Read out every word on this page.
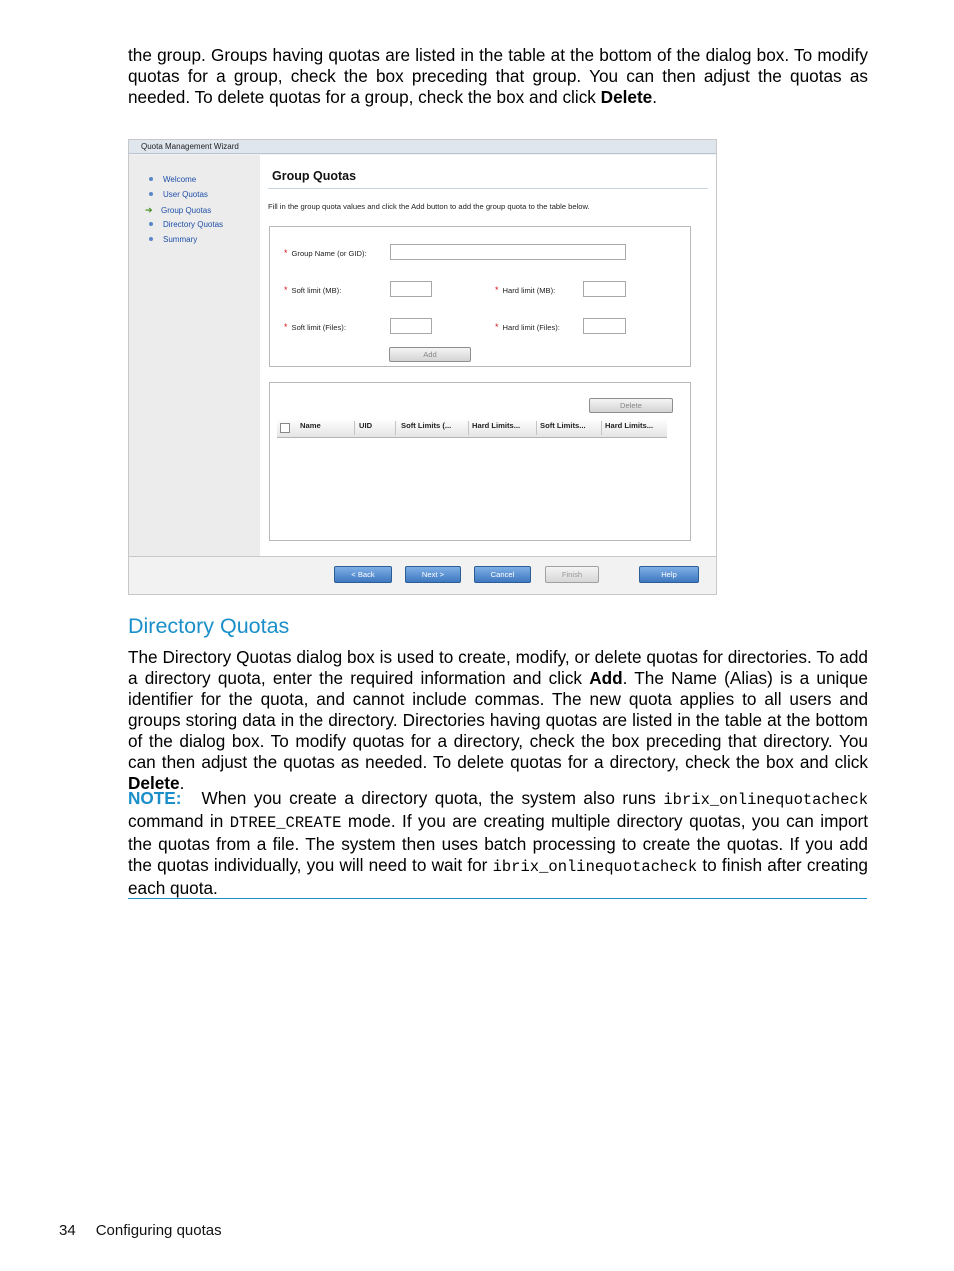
the group. Groups having quotas are listed in the table at the bottom of the dialog box. To modify quotas for a group, check the box preceding that group. You can then adjust the quotas as needed. To delete quotas for a group, check the box and click Delete.

Quota Management Wizard
Welcome
User Quotas
➔ Group Quotas
Directory Quotas
Summary
Group Quotas
Fill in the group quota values and click the Add button to add the group quota to the table below.
* Group Name (or GID):
* Soft limit (MB):	* Hard limit (MB):
* Soft limit (Files):	* Hard limit (Files):
Add
Delete
Name	UID	Soft Limits (...	Hard Limits...	Soft Limits...	Hard Limits...
< Back	Next >	Cancel	Finish	Help
Directory Quotas

The Directory Quotas dialog box is used to create, modify, or delete quotas for directories. To add a directory quota, enter the required information and click Add. The Name (Alias) is a unique identifier for the quota, and cannot include commas. The new quota applies to all users and groups storing data in the directory. Directories having quotas are listed in the table at the bottom of the dialog box. To modify quotas for a directory, check the box preceding that directory. You can then adjust the quotas as needed. To delete quotas for a directory, check the box and click Delete.

NOTE: When you create a directory quota, the system also runs ibrix_onlinequotacheck command in DTREE_CREATE mode. If you are creating multiple directory quotas, you can import the quotas from a file. The system then uses batch processing to create the quotas. If you add the quotas individually, you will need to wait for ibrix_onlinequotacheck to finish after creating each quota.

34 Configuring quotas
